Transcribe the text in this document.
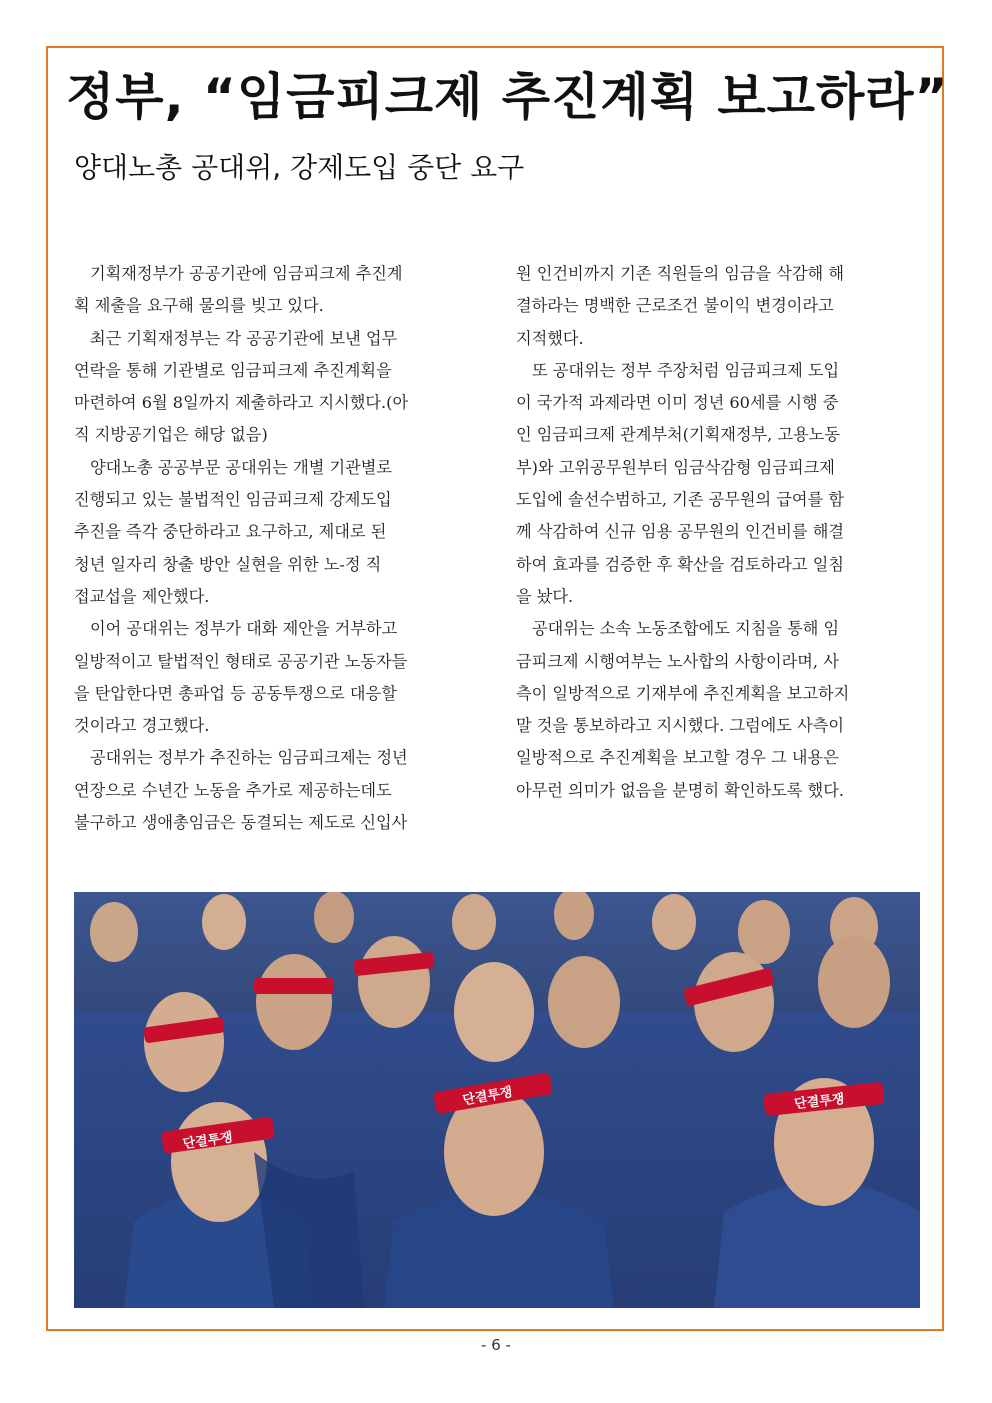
정부, “임금피크제 추진계획 보고하라”
양대노총 공대위, 강제도입 중단 요구

기획재정부가 공공기관에 임금피크제 추진계

획 제출을 요구해 물의를 빚고 있다.

최근 기획재정부는 각 공공기관에 보낸 업무

연락을 통해 기관별로 임금피크제 추진계획을

마련하여 6월 8일까지 제출하라고 지시했다.(아

직 지방공기업은 해당 없음)

양대노총 공공부문 공대위는 개별 기관별로

진행되고 있는 불법적인 임금피크제 강제도입

추진을 즉각 중단하라고 요구하고, 제대로 된

청년 일자리 창출 방안 실현을 위한 노-정 직

접교섭을 제안했다.

이어 공대위는 정부가 대화 제안을 거부하고

일방적이고 탈법적인 형태로 공공기관 노동자들

을 탄압한다면 총파업 등 공동투쟁으로 대응할

것이라고 경고했다.

공대위는 정부가 추진하는 임금피크제는 정년

연장으로 수년간 노동을 추가로 제공하는데도

불구하고 생애총임금은 동결되는 제도로 신입사

원 인건비까지 기존 직원들의 임금을 삭감해 해

결하라는 명백한 근로조건 불이익 변경이라고

지적했다.

또 공대위는 정부 주장처럼 임금피크제 도입

이 국가적 과제라면 이미 정년 60세를 시행 중

인 임금피크제 관계부처(기획재정부, 고용노동

부)와 고위공무원부터 임금삭감형 임금피크제

도입에 솔선수범하고, 기존 공무원의 급여를 함

께 삭감하여 신규 임용 공무원의 인건비를 해결

하여 효과를 검증한 후 확산을 검토하라고 일침

을 놨다.

공대위는 소속 노동조합에도 지침을 통해 임

금피크제 시행여부는 노사합의 사항이라며, 사

측이 일방적으로 기재부에 추진계획을 보고하지

말 것을 통보하라고 지시했다. 그럼에도 사측이

일방적으로 추진계획을 보고할 경우 그 내용은

아무런 의미가 없음을 분명히 확인하도록 했다.

단결투쟁
단결투쟁	단결투쟁
- 6 -
